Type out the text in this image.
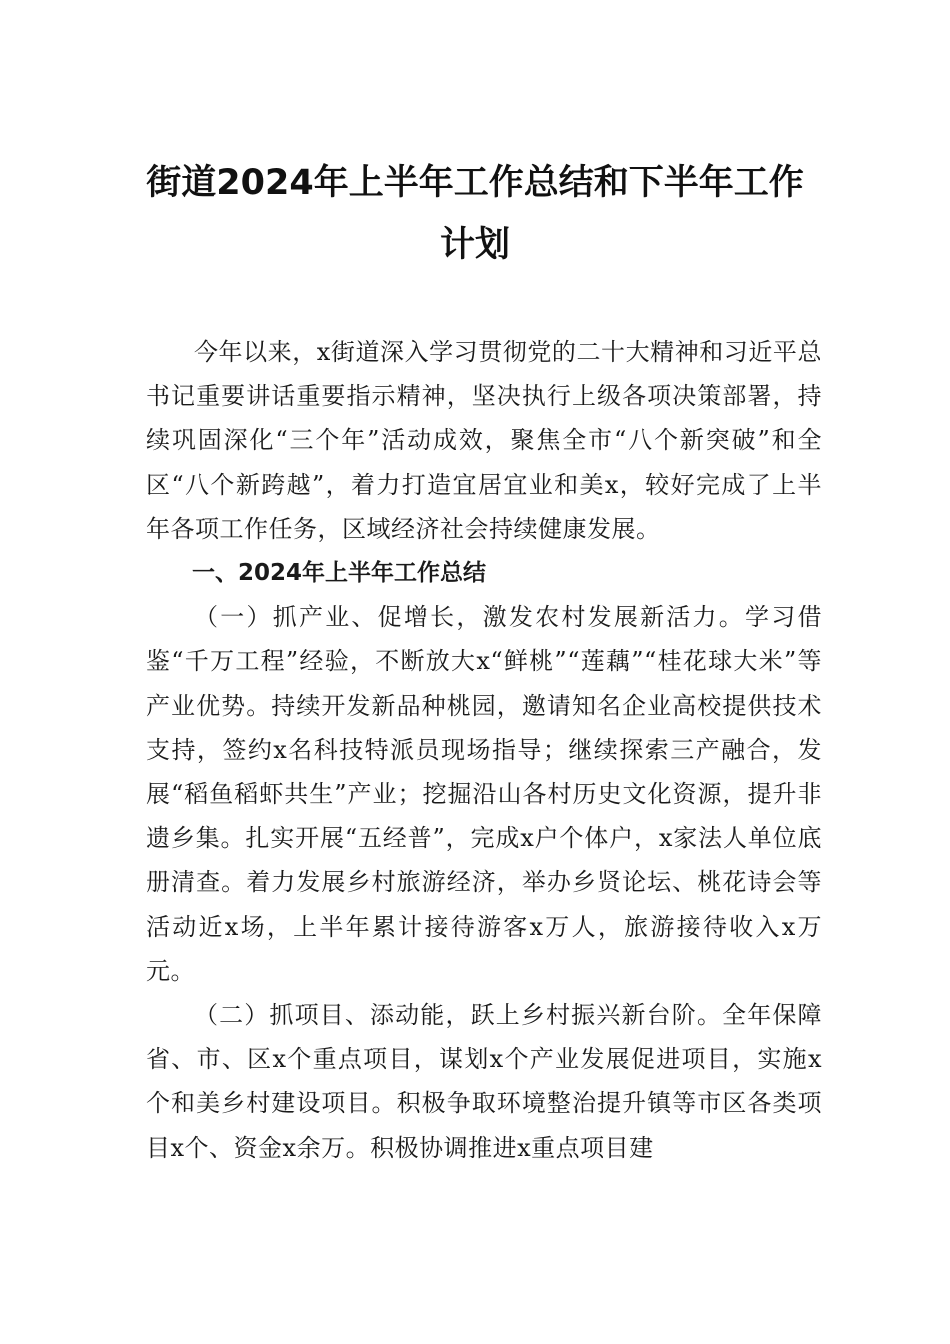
街道2024年上半年工作总结和下半年工作计划

今年以来，x街道深入学习贯彻党的二十大精神和习近平总书记重要讲话重要指示精神，坚决执行上级各项决策部署，持续巩固深化“三个年”活动成效，聚焦全市“八个新突破”和全区“八个新跨越”，着力打造宜居宜业和美x，较好完成了上半年各项工作任务，区域经济社会持续健康发展。

一、2024年上半年工作总结

（一）抓产业、促增长，激发农村发展新活力。学习借鉴“千万工程”经验，不断放大x“鲜桃”“莲藕”“桂花球大米”等产业优势。持续开发新品种桃园，邀请知名企业高校提供技术支持，签约x名科技特派员现场指导；继续探索三产融合，发展“稻鱼稻虾共生”产业；挖掘沿山各村历史文化资源，提升非遗乡集。扎实开展“五经普”，完成x户个体户，x家法人单位底册清查。着力发展乡村旅游经济，举办乡贤论坛、桃花诗会等活动近x场，上半年累计接待游客x万人，旅游接待收入x万元。

（二）抓项目、添动能，跃上乡村振兴新台阶。全年保障省、市、区x个重点项目，谋划x个产业发展促进项目，实施x个和美乡村建设项目。积极争取环境整治提升镇等市区各类项目x个、资金x余万。积极协调推进x重点项目建
